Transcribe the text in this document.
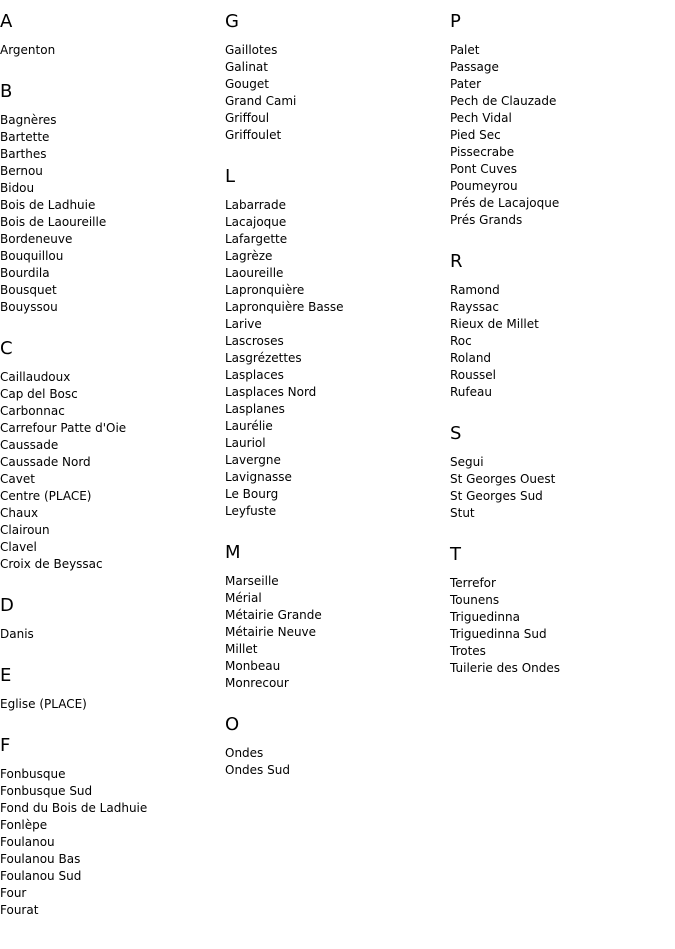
A
Argenton
B
Bagnères
Bartette
Barthes
Bernou
Bidou
Bois de Ladhuie
Bois de Laoureille
Bordeneuve
Bouquillou
Bourdila
Bousquet
Bouyssou
C
Caillaudoux
Cap del Bosc
Carbonnac
Carrefour Patte d'Oie
Caussade
Caussade Nord
Cavet
Centre (PLACE)
Chaux
Clairoun
Clavel
Croix de Beyssac
D
Danis
E
Eglise (PLACE)
F
Fonbusque
Fonbusque Sud
Fond du Bois de Ladhuie
Fonlèpe
Foulanou
Foulanou Bas
Foulanou Sud
Four
Fourat
G
Gaillotes
Galinat
Gouget
Grand Cami
Griffoul
Griffoulet
L
Labarrade
Lacajoque
Lafargette
Lagrèze
Laoureille
Lapronquière
Lapronquière Basse
Larive
Lascroses
Lasgrézettes
Lasplaces
Lasplaces Nord
Lasplanes
Laurélie
Lauriol
Lavergne
Lavignasse
Le Bourg
Leyfuste
M
Marseille
Mérial
Métairie Grande
Métairie Neuve
Millet
Monbeau
Monrecour
O
Ondes
Ondes Sud
P
Palet
Passage
Pater
Pech de Clauzade
Pech Vidal
Pied Sec
Pissecrabe
Pont Cuves
Poumeyrou
Prés de Lacajoque
Prés Grands
R
Ramond
Rayssac
Rieux de Millet
Roc
Roland
Roussel
Rufeau
S
Segui
St Georges Ouest
St Georges Sud
Stut
T
Terrefor
Tounens
Triguedinna
Triguedinna Sud
Trotes
Tuilerie des Ondes
